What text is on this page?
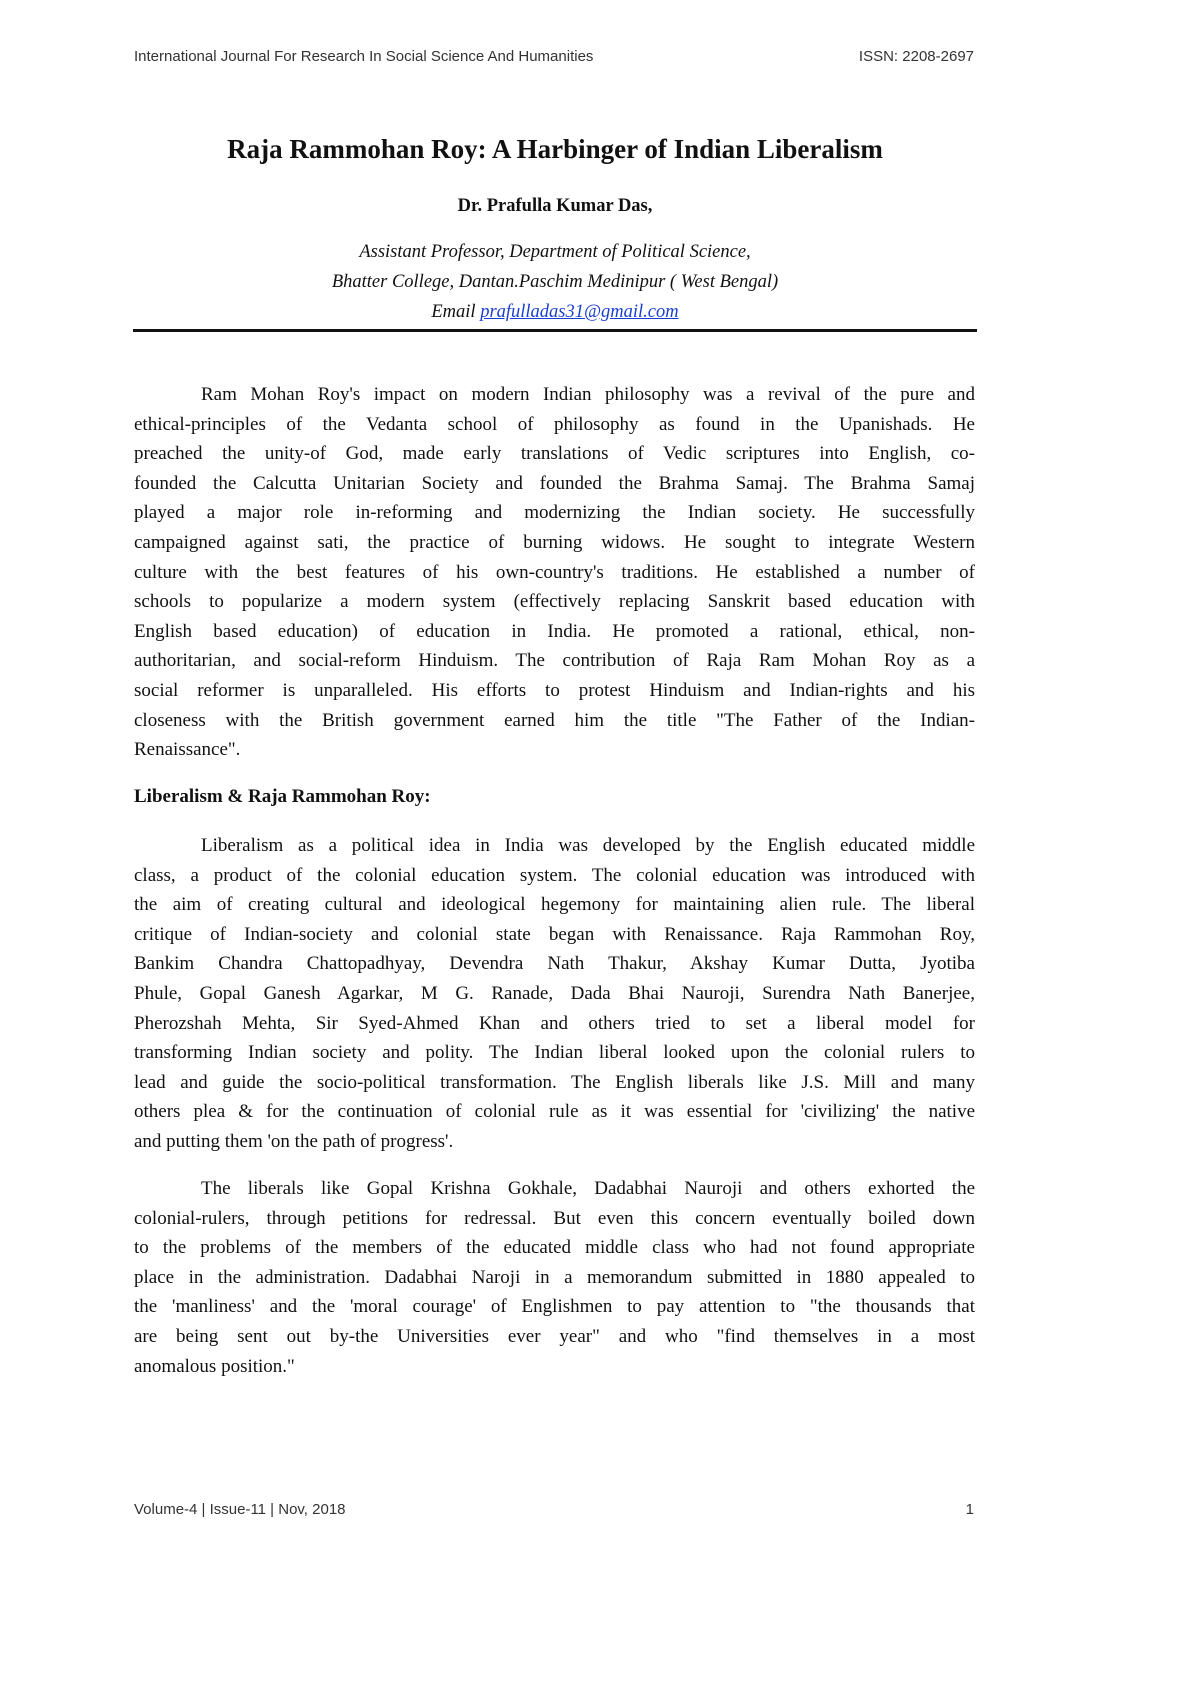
International Journal For Research In Social Science And Humanities	ISSN: 2208-2697
Raja Rammohan Roy: A Harbinger of Indian Liberalism
Dr. Prafulla Kumar Das,
Assistant Professor, Department of Political Science,
Bhatter College, Dantan.Paschim Medinipur ( West Bengal)
Email prafulladas31@gmail.com
Ram Mohan Roy's impact on modern Indian philosophy was a revival of the pure and
ethical-principles of the Vedanta school of philosophy as found in the Upanishads. He
preached the unity-of God, made early translations of Vedic scriptures into English, co-
founded the Calcutta Unitarian Society and founded the Brahma Samaj. The Brahma Samaj
played a major role in-reforming and modernizing the Indian society. He successfully
campaigned against sati, the practice of burning widows. He sought to integrate Western
culture with the best features of his own-country's traditions. He established a number of
schools to popularize a modern system (effectively replacing Sanskrit based education with
English based education) of education in India. He promoted a rational, ethical, non-
authoritarian, and social-reform Hinduism. The contribution of Raja Ram Mohan Roy as a
social reformer is unparalleled. His efforts to protest Hinduism and Indian-rights and his
closeness with the British government earned him the title "The Father of the Indian-
Renaissance".
Liberalism & Raja Rammohan Roy:
Liberalism as a political idea in India was developed by the English educated middle
class, a product of the colonial education system. The colonial education was introduced with
the aim of creating cultural and ideological hegemony for maintaining alien rule. The liberal
critique of Indian-society and colonial state began with Renaissance. Raja Rammohan Roy,
Bankim Chandra Chattopadhyay, Devendra Nath Thakur, Akshay Kumar Dutta, Jyotiba
Phule, Gopal Ganesh Agarkar, M G. Ranade, Dada Bhai Nauroji, Surendra Nath Banerjee,
Pherozshah Mehta, Sir Syed-Ahmed Khan and others tried to set a liberal model for
transforming Indian society and polity. The Indian liberal looked upon the colonial rulers to
lead and guide the socio-political transformation. The English liberals like J.S. Mill and many
others plea & for the continuation of colonial rule as it was essential for 'civilizing' the native
and putting them 'on the path of progress'.
The liberals like Gopal Krishna Gokhale, Dadabhai Nauroji and others exhorted the
colonial-rulers, through petitions for redressal. But even this concern eventually boiled down
to the problems of the members of the educated middle class who had not found appropriate
place in the administration. Dadabhai Naroji in a memorandum submitted in 1880 appealed to
the 'manliness' and the 'moral courage' of Englishmen to pay attention to "the thousands that
are being sent out by-the Universities ever year" and who "find themselves in a most
anomalous position."
Volume-4 | Issue-11 | Nov, 2018	1
